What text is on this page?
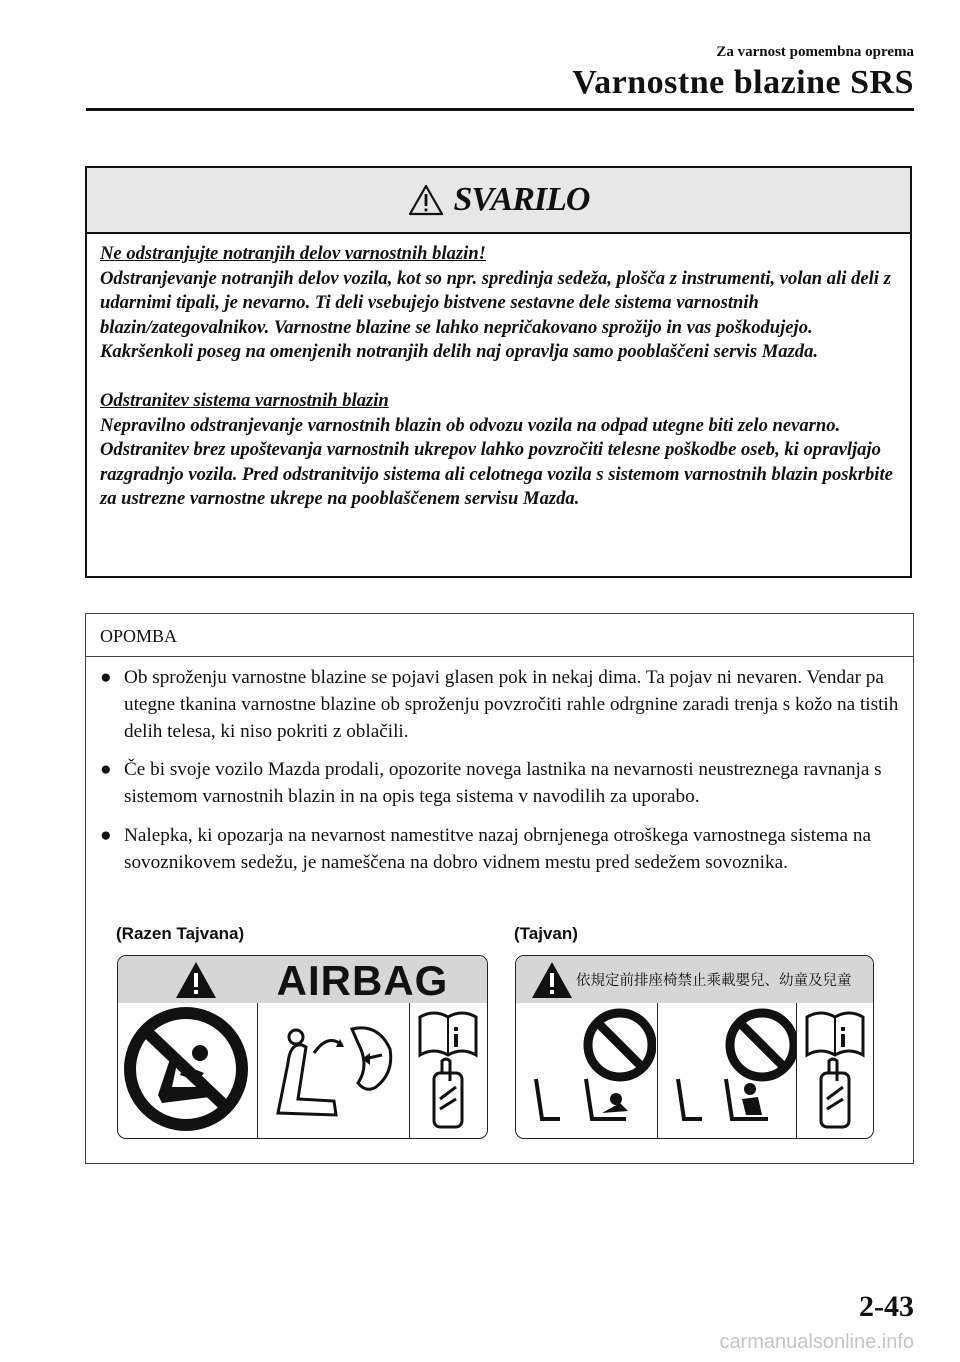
Za varnost pomembna oprema
Varnostne blazine SRS
SVARILO

Ne odstranjujte notranjih delov varnostnih blazin!

Odstranjevanje notranjih delov vozila, kot so npr. spredinja sedeža, plošča z instrumenti, volan ali deli z udarnimi tipali, je nevarno. Ti deli vsebujejo bistvene sestavne dele sistema varnostnih blazin/zategovalnikov. Varnostne blazine se lahko nepričakovano sprožijo in vas poškodujejo. Kakršenkoli poseg na omenjenih notranjih delih naj opravlja samo pooblaščeni servis Mazda.

Odstranitev sistema varnostnih blazin

Nepravilno odstranjevanje varnostnih blazin ob odvozu vozila na odpad utegne biti zelo nevarno. Odstranitev brez upoštevanja varnostnih ukrepov lahko povzročiti telesne poškodbe oseb, ki opravljajo razgradnjo vozila. Pred odstranitvijo sistema ali celotnega vozila s sistemom varnostnih blazin poskrbite za ustrezne varnostne ukrepe na pooblaščenem servisu Mazda.

OPOMBA
● Ob sproženju varnostne blazine se pojavi glasen pok in nekaj dima. Ta pojav ni nevaren. Vendar pa utegne tkanina varnostne blazine ob sproženju povzročiti rahle odrgnine zaradi trenja s kožo na tistih delih telesa, ki niso pokriti z oblačili.
● Če bi svoje vozilo Mazda prodali, opozorite novega lastnika na nevarnosti neustreznega ravnanja s sistemom varnostnih blazin in na opis tega sistema v navodilih za uporabo.
● Nalepka, ki opozarja na nevarnost namestitve nazaj obrnjenega otroškega varnostnega sistema na sovoznikovem sedežu, je nameščena na dobro vidnem mestu pred sedežem sovoznika.
(Razen Tajvana)	(Tajvan)
AIRBAG	依規定前排座椅禁止乘載嬰兒、幼童及兒童
2-43
carmanualsonline.info
